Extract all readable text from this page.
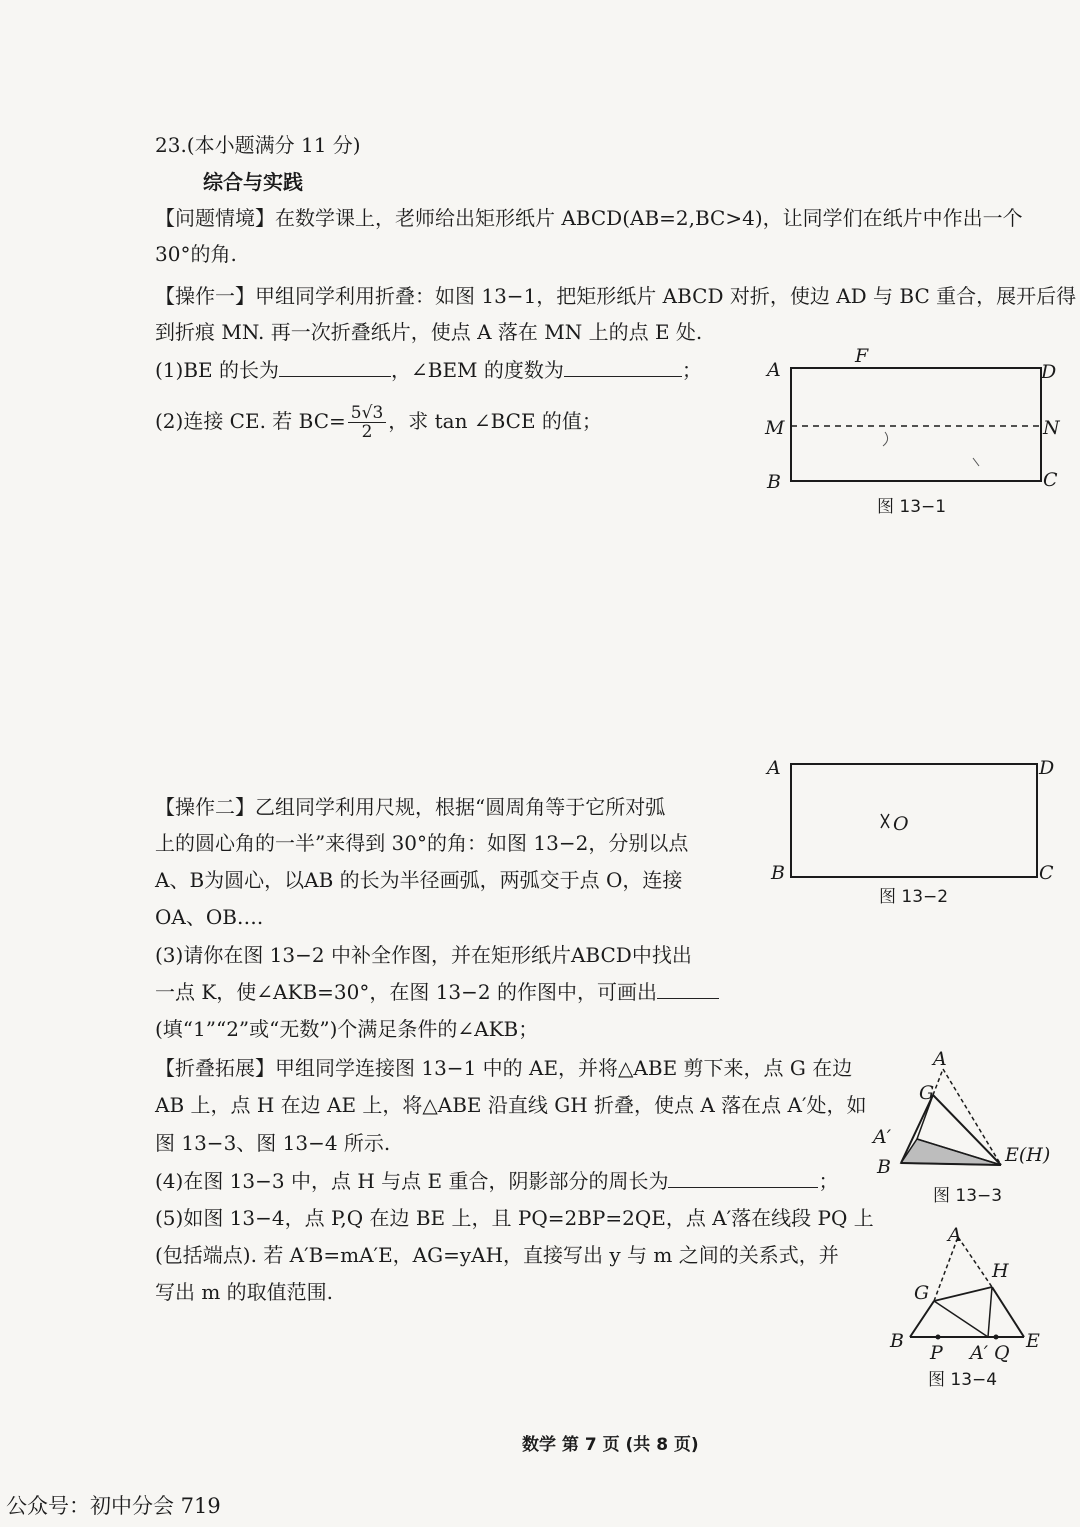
23.(本小题满分 11 分)
综合与实践
【问题情境】在数学课上，老师给出矩形纸片 ABCD(AB=2,BC>4)，让同学们在纸片中作出一个
30°的角.
【操作一】甲组同学利用折叠：如图 13−1，把矩形纸片 ABCD 对折，使边 AD 与 BC 重合，展开后得
到折痕 MN. 再一次折叠纸片，使点 A 落在 MN 上的点 E 处.
(1)BE 的长为	，∠BEM 的度数为	；
(2)连接 CE. 若 $BC= \frac{5√3}{2}$ ，求 tan ∠BCE 的值；
A
F
D
M	N
B	C
图 13−1
【操作二】乙组同学利用尺规，根据“圆周角等于它所对弧
上的圆心角的一半”来得到 30°的角：如图 13−2，分别以点
A、B为圆心，以AB 的长为半径画弧，两弧交于点 O，连接
OA、OB….
(3)请你在图 13−2 中补全作图，并在矩形纸片ABCD中找出
一点 K，使∠AKB=30°，在图 13−2 的作图中，可画出
(填“1”“2”或“无数”)个满足条件的∠AKB；
A	D
O
B	C
图 13−2
【折叠拓展】甲组同学连接图 13−1 中的 AE，并将△ABE 剪下来，点 G 在边
AB 上，点 H 在边 AE 上，将△ABE 沿直线 GH 折叠，使点 A 落在点 A′处，如
图 13−3、图 13−4 所示.
(4)在图 13−3 中，点 H 与点 E 重合，阴影部分的周长为	；
(5)如图 13−4，点 P,Q 在边 BE 上，且 PQ=2BP=2QE，点 A′落在线段 PQ 上
(包括端点). 若 A′B=mA′E，AG=yAH，直接写出 y 与 m 之间的关系式，并
写出 m 的取值范围.
A
G
A′
B
E(H)
图 13−3
A
H
G
B
P A′ Q
E
图 13−4
数学 第 7 页 (共 8 页)
公众号：初中分会 719
